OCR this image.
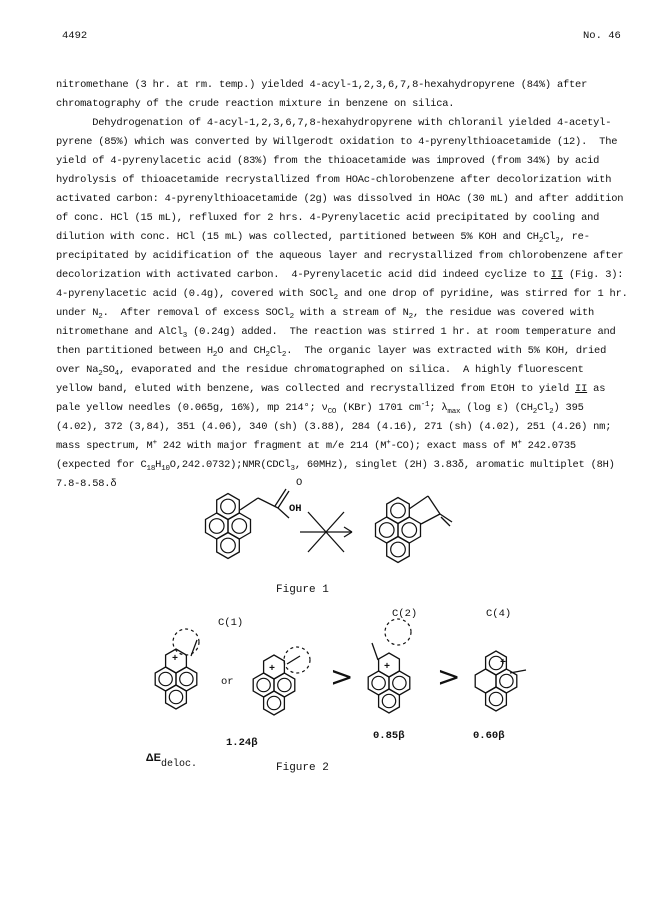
4492	No. 46
nitromethane (3 hr. at rm. temp.) yielded 4-acyl-1,2,3,6,7,8-hexahydropyrene (84%) after
chromatography of the crude reaction mixture in benzene on silica.
Dehydrogenation of 4-acyl-1,2,3,6,7,8-hexahydropyrene with chloranil yielded 4-acetyl-
pyrene (85%) which was converted by Willgerodt oxidation to 4-pyrenylthioacetamide (12).  The
yield of 4-pyrenylacetic acid (83%) from the thioacetamide was improved (from 34%) by acid
hydrolysis of thioacetamide recrystallized from HOAc-chlorobenzene after decolorization with
activated carbon: 4-pyrenylthioacetamide (2g) was dissolved in HOAc (30 mL) and after addition
of conc. HCl (15 mL), refluxed for 2 hrs. 4-Pyrenylacetic acid precipitated by cooling and
dilution with conc. HCl (15 mL) was collected, partitioned between 5% KOH and $CH_2Cl_2$, re-
precipitated by acidification of the aqueous layer and recrystallized from chlorobenzene after
decolorization with activated carbon.  4-Pyrenylacetic acid did indeed cyclize to II (Fig. 3):
4-pyrenylacetic acid (0.4g), covered with SOCl$_2$ and one drop of pyridine, was stirred for 1 hr.
under $N_2$.  After removal of excess SOCl$_2$ with a stream of $N_2$, the residue was covered with
nitromethane and AlCl$_3$ (0.24g) added.  The reaction was stirred 1 hr. at room temperature and
then partitioned between $H_2O$ and $CH_2Cl_2$.  The organic layer was extracted with 5% KOH, dried
over $Na_2SO_4$, evaporated and the residue chromatographed on silica.  A highly fluorescent
yellow band, eluted with benzene, was collected and recrystallized from EtOH to yield II as
pale yellow needles (0.065g, 16%), mp 214°; $\nu_{CO}$ (KBr) 1701 $cm^{-1}$; $\lambda_{max}$ (log ε) $(CH_2Cl_2)$ 395
(4.02), 372 (3,84), 351 (4.06), 340 (sh) (3.88), 284 (4.16), 271 (sh) (4.02), 251 (4.26) nm;
mass spectrum, M+ 242 with major fragment at m/e 214 (M+-CO); exact mass of M+ 242.0735
(expected for $C_{18}H_{10}O,242.0732);NMR(CDCl_3$, 60MHz), singlet (2H) 3.83δ, aromatic multiplet (8H)
7.8-8.58.δ
OH
O
Figure 1
C(1)
C(2)	C(4)
or	>	>
+
+	+	+

$\Delta E_{deloc.}$

1.24β
0.85β	0.60β
Figure 2
